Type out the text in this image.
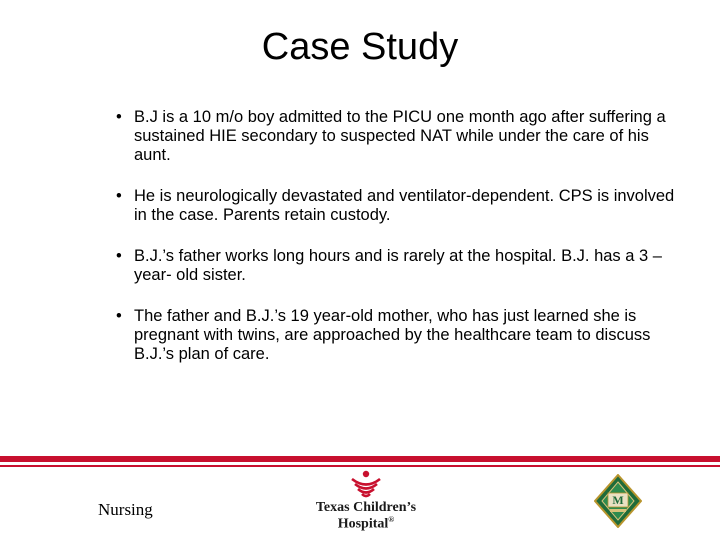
Case Study
• B.J is a 10 m/o boy admitted to the PICU one month ago after suffering a sustained HIE secondary to suspected NAT while under the care of his aunt.
• He is neurologically devastated and ventilator-dependent. CPS is involved in the case. Parents retain custody.
• B.J.’s father works long hours and is rarely at the hospital. B.J. has a 3 –year- old sister.
• The father and B.J.’s 19 year-old mother, who has just learned she is pregnant with twins, are approached by the healthcare team to discuss B.J.’s plan of care.
Nursing	Texas Children’s
Hospital®
M
